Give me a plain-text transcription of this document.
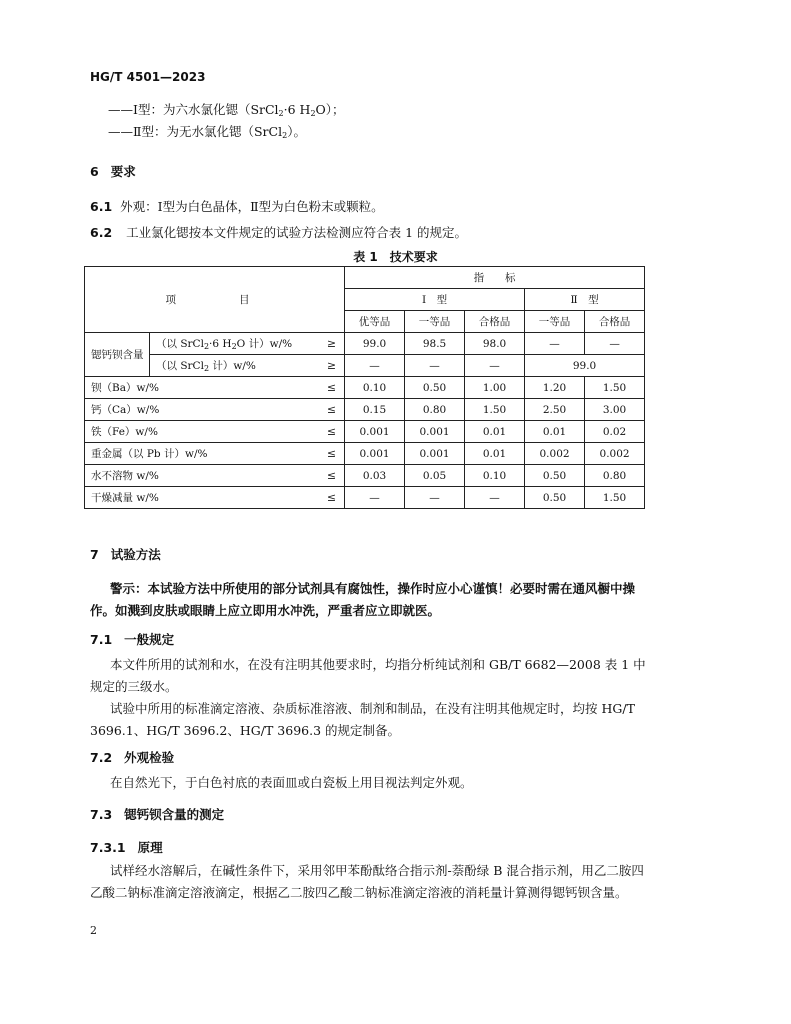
HG/T 4501—2023
——Ⅰ型：为六水氯化锶（SrCl$_2$·6 $H_2O$）；
——Ⅱ型：为无水氯化锶（SrCl$_2$）。
6 要求
6.1 外观：Ⅰ型为白色晶体，Ⅱ型为白色粉末或颗粒。
6.2 工业氯化锶按本文件规定的试验方法检测应符合表 1 的规定。
表 1 技术要求
项　　目			指　　标				
			Ⅰ　型			Ⅱ　型	
			优等品	一等品	合格品	一等品	合格品
锶钙钡含量	（以 SrCl$_2$·6 $H_2O$ 计）w/%	≥	99.0	98.5	98.0	—	—
	（以 SrCl$_2$ 计）w/%	≥	—	—	—	99.0	
钡（Ba）w/%		≤	0.10	0.50	1.00	1.20	1.50
钙（Ca）w/%		≤	0.15	0.80	1.50	2.50	3.00
铁（Fe）w/%		≤	0.001	0.001	0.01	0.01	0.02
重金属（以 Pb 计）w/%		≤	0.001	0.001	0.01	0.002	0.002
水不溶物 w/%		≤	0.03	0.05	0.10	0.50	0.80
干燥减量 w/%		≤	—	—	—	0.50	1.50
7 试验方法
警示：本试验方法中所使用的部分试剂具有腐蚀性，操作时应小心谨慎！必要时需在通风橱中操作。如溅到皮肤或眼睛上应立即用水冲洗，严重者应立即就医。
7.1 一般规定
本文件所用的试剂和水，在没有注明其他要求时，均指分析纯试剂和 GB/T 6682—2008 表 1 中规定的三级水。
试验中所用的标准滴定溶液、杂质标准溶液、制剂和制品，在没有注明其他规定时，均按 HG/T 3696.1、HG/T 3696.2、HG/T 3696.3 的规定制备。
7.2 外观检验
在自然光下，于白色衬底的表面皿或白瓷板上用目视法判定外观。
7.3 锶钙钡含量的测定
7.3.1 原理
试样经水溶解后，在碱性条件下，采用邻甲苯酚酞络合指示剂-萘酚绿 B 混合指示剂，用乙二胺四乙酸二钠标准滴定溶液滴定，根据乙二胺四乙酸二钠标准滴定溶液的消耗量计算测得锶钙钡含量。
2
